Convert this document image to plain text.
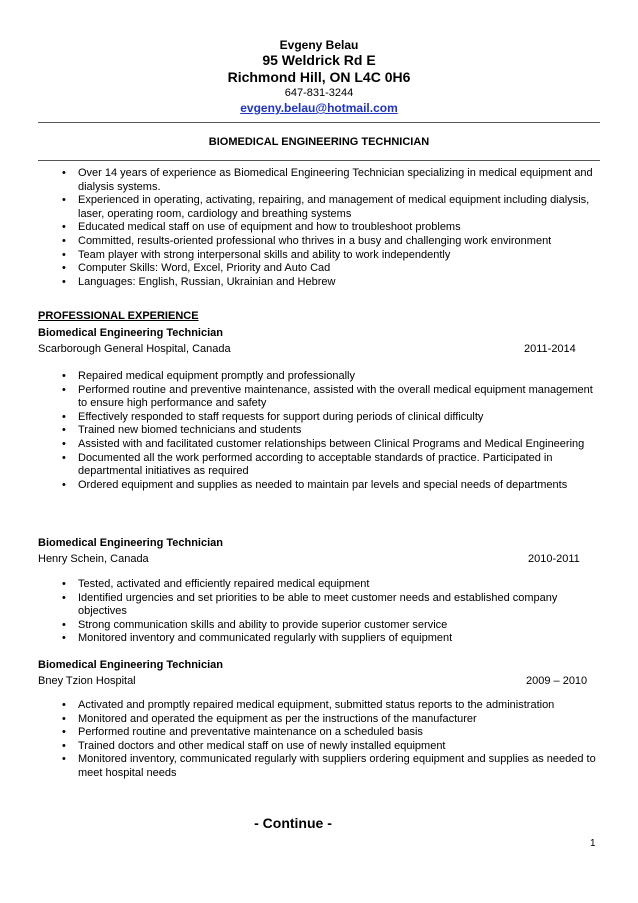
Evgeny Belau
95 Weldrick Rd E
Richmond Hill, ON L4C 0H6
647-831-3244
evgeny.belau@hotmail.com
BIOMEDICAL ENGINEERING TECHNICIAN
• Over 14 years of experience as Biomedical Engineering Technician specializing in medical equipment and dialysis systems.
• Experienced in operating, activating, repairing, and management of medical equipment including dialysis, laser, operating room, cardiology and breathing systems
• Educated medical staff on use of equipment and how to troubleshoot problems
• Committed, results-oriented professional who thrives in a busy and challenging work environment
• Team player with strong interpersonal skills and ability to work independently
• Computer Skills: Word, Excel, Priority and Auto Cad
• Languages: English, Russian, Ukrainian and Hebrew
PROFESSIONAL EXPERIENCE
Biomedical Engineering Technician
Scarborough General Hospital, Canada	2011-2014
• Repaired medical equipment promptly and professionally
• Performed routine and preventive maintenance, assisted with the overall medical equipment management to ensure high performance and safety
• Effectively responded to staff requests for support during periods of clinical difficulty
• Trained new biomed technicians and students
• Assisted with and facilitated customer relationships between Clinical Programs and Medical Engineering
• Documented all the work performed according to acceptable standards of practice. Participated in departmental initiatives as required
• Ordered equipment and supplies as needed to maintain par levels and special needs of departments
Biomedical Engineering Technician
Henry Schein, Canada	2010-2011
• Tested, activated and efficiently repaired medical equipment
• Identified urgencies and set priorities to be able to meet customer needs and established company objectives
• Strong communication skills and ability to provide superior customer service
• Monitored inventory and communicated regularly with suppliers of equipment
Biomedical Engineering Technician
Bney Tzion Hospital	2009 – 2010
• Activated and promptly repaired medical equipment, submitted status reports to the administration
• Monitored and operated the equipment as per the instructions of the manufacturer
• Performed routine and preventative maintenance on a scheduled basis
• Trained doctors and other medical staff on use of newly installed equipment
• Monitored inventory, communicated regularly with suppliers ordering equipment and supplies as needed to meet hospital needs
- Continue -
1
